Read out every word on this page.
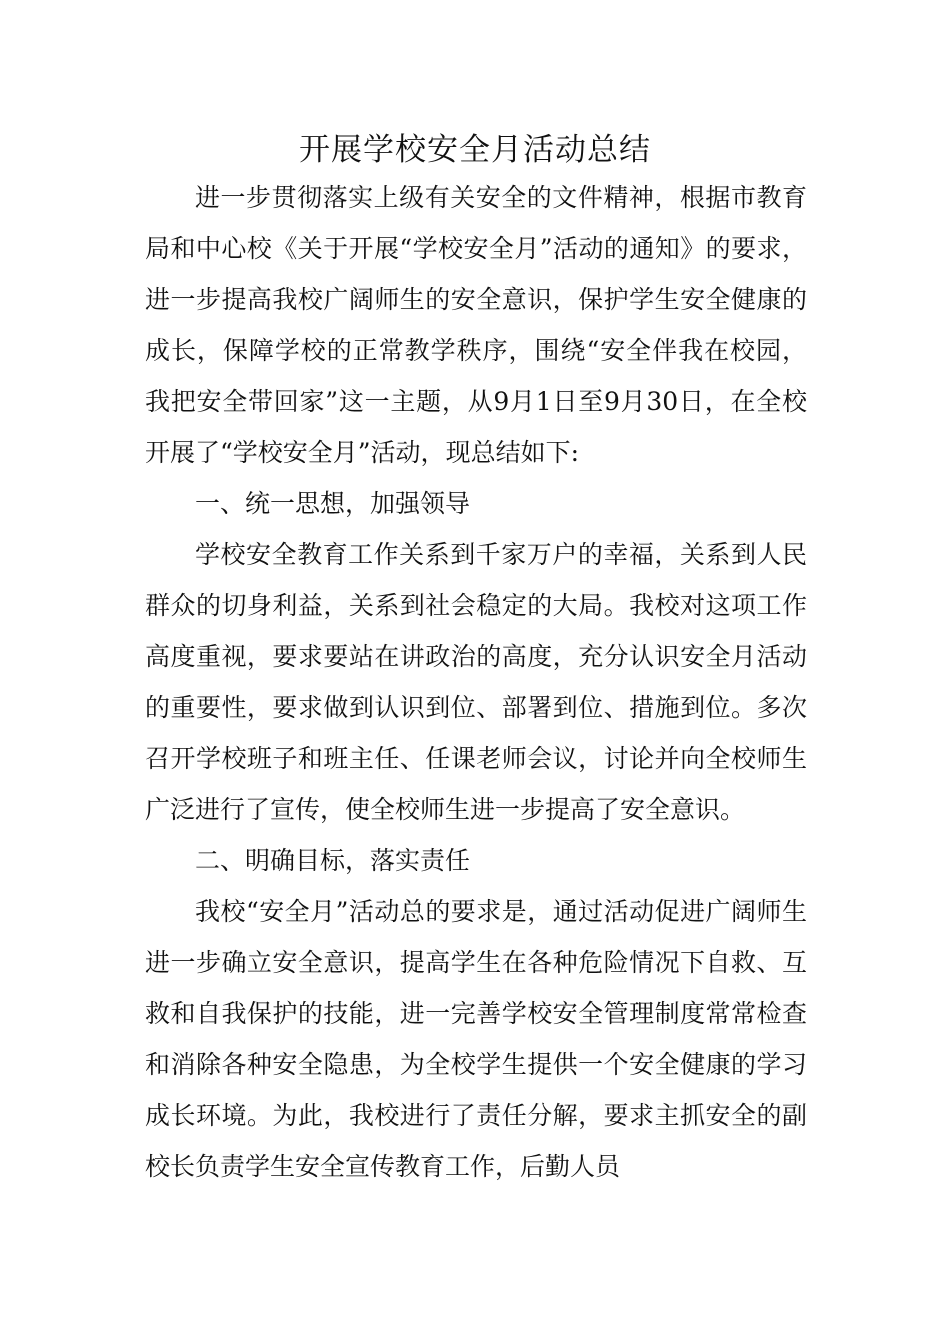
开展学校安全月活动总结

进一步贯彻落实上级有关安全的文件精神，根据市教育局和中心校《关于开展“学校安全月”活动的通知》的要求，进一步提高我校广阔师生的安全意识，保护学生安全健康的成长，保障学校的正常教学秩序，围绕“安全伴我在校园，我把安全带回家”这一主题，从9月1日至9月30日，在全校开展了“学校安全月”活动，现总结如下:

一、统一思想，加强领导

学校安全教育工作关系到千家万户的幸福，关系到人民群众的切身利益，关系到社会稳定的大局。我校对这项工作高度重视，要求要站在讲政治的高度，充分认识安全月活动的重要性，要求做到认识到位、部署到位、措施到位。多次召开学校班子和班主任、任课老师会议，讨论并向全校师生广泛进行了宣传，使全校师生进一步提高了安全意识。

二、明确目标，落实责任

我校“安全月”活动总的要求是，通过活动促进广阔师生进一步确立安全意识，提高学生在各种危险情况下自救、互救和自我保护的技能，进一完善学校安全管理制度常常检查和消除各种安全隐患，为全校学生提供一个安全健康的学习成长环境。为此，我校进行了责任分解，要求主抓安全的副校长负责学生安全宣传教育工作，后勤人员
